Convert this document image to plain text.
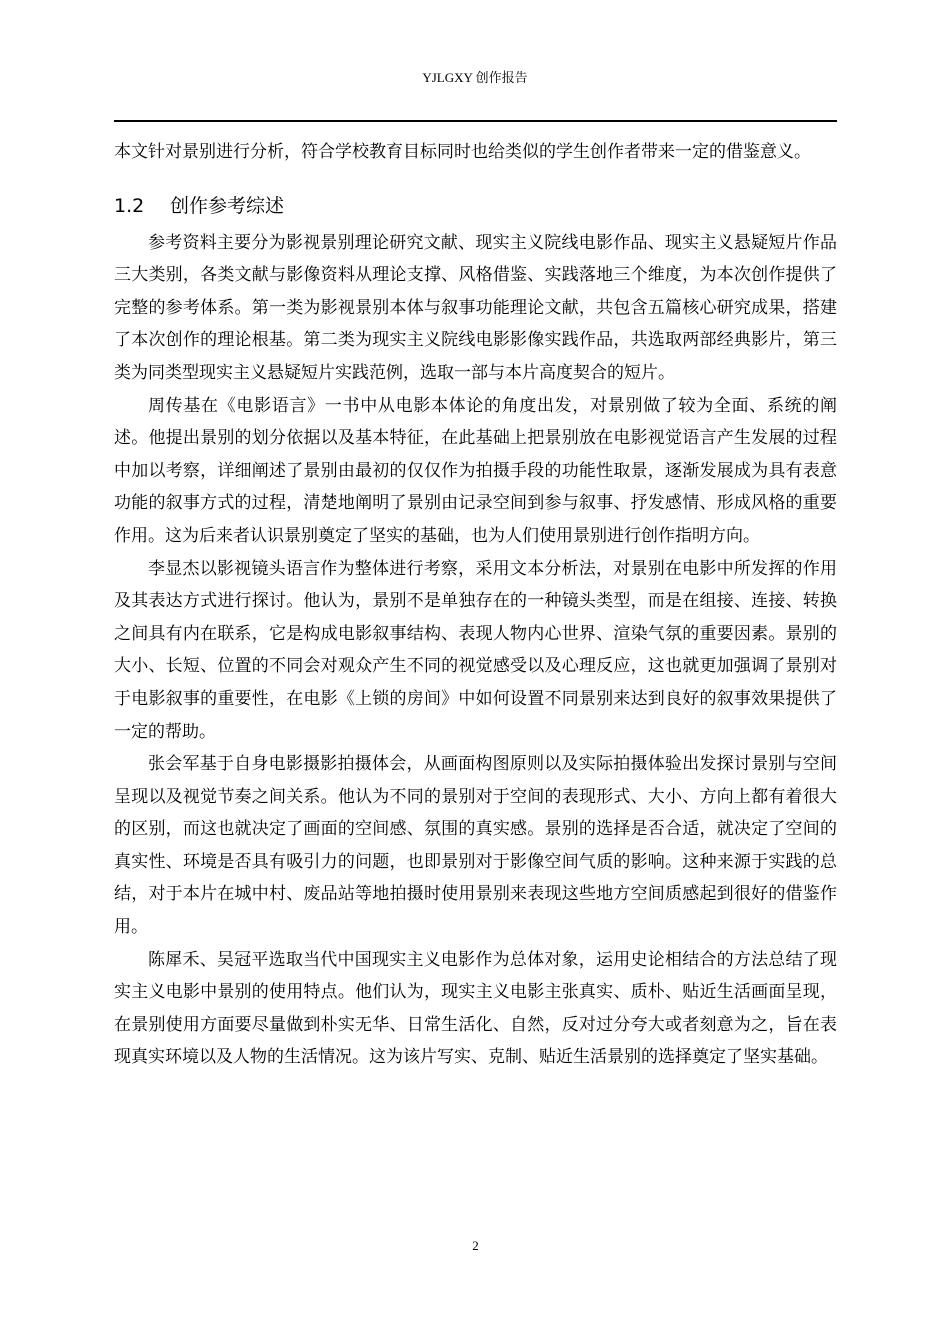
YJLGXY 创作报告

本文针对景别进行分析，符合学校教育目标同时也给类似的学生创作者带来一定的借鉴意义。

1.2 创作参考综述

参考资料主要分为影视景别理论研究文献、现实主义院线电影作品、现实主义悬疑短片作品三大类别，各类文献与影像资料从理论支撑、风格借鉴、实践落地三个维度，为本次创作提供了完整的参考体系。第一类为影视景别本体与叙事功能理论文献，共包含五篇核心研究成果，搭建了本次创作的理论根基。第二类为现实主义院线电影影像实践作品，共选取两部经典影片，第三类为同类型现实主义悬疑短片实践范例，选取一部与本片高度契合的短片。

周传基在《电影语言》一书中从电影本体论的角度出发，对景别做了较为全面、系统的阐述。他提出景别的划分依据以及基本特征，在此基础上把景别放在电影视觉语言产生发展的过程中加以考察，详细阐述了景别由最初的仅仅作为拍摄手段的功能性取景，逐渐发展成为具有表意功能的叙事方式的过程，清楚地阐明了景别由记录空间到参与叙事、抒发感情、形成风格的重要作用。这为后来者认识景别奠定了坚实的基础，也为人们使用景别进行创作指明方向。

李显杰以影视镜头语言作为整体进行考察，采用文本分析法，对景别在电影中所发挥的作用及其表达方式进行探讨。他认为，景别不是单独存在的一种镜头类型，而是在组接、连接、转换之间具有内在联系，它是构成电影叙事结构、表现人物内心世界、渲染气氛的重要因素。景别的大小、长短、位置的不同会对观众产生不同的视觉感受以及心理反应，这也就更加强调了景别对于电影叙事的重要性，在电影《上锁的房间》中如何设置不同景别来达到良好的叙事效果提供了一定的帮助。

张会军基于自身电影摄影拍摄体会，从画面构图原则以及实际拍摄体验出发探讨景别与空间呈现以及视觉节奏之间关系。他认为不同的景别对于空间的表现形式、大小、方向上都有着很大的区别，而这也就决定了画面的空间感、氛围的真实感。景别的选择是否合适，就决定了空间的真实性、环境是否具有吸引力的问题，也即景别对于影像空间气质的影响。这种来源于实践的总结，对于本片在城中村、废品站等地拍摄时使用景别来表现这些地方空间质感起到很好的借鉴作用。

陈犀禾、吴冠平选取当代中国现实主义电影作为总体对象，运用史论相结合的方法总结了现实主义电影中景别的使用特点。他们认为，现实主义电影主张真实、质朴、贴近生活画面呈现，在景别使用方面要尽量做到朴实无华、日常生活化、自然，反对过分夸大或者刻意为之，旨在表现真实环境以及人物的生活情况。这为该片写实、克制、贴近生活景别的选择奠定了坚实基础。

2
